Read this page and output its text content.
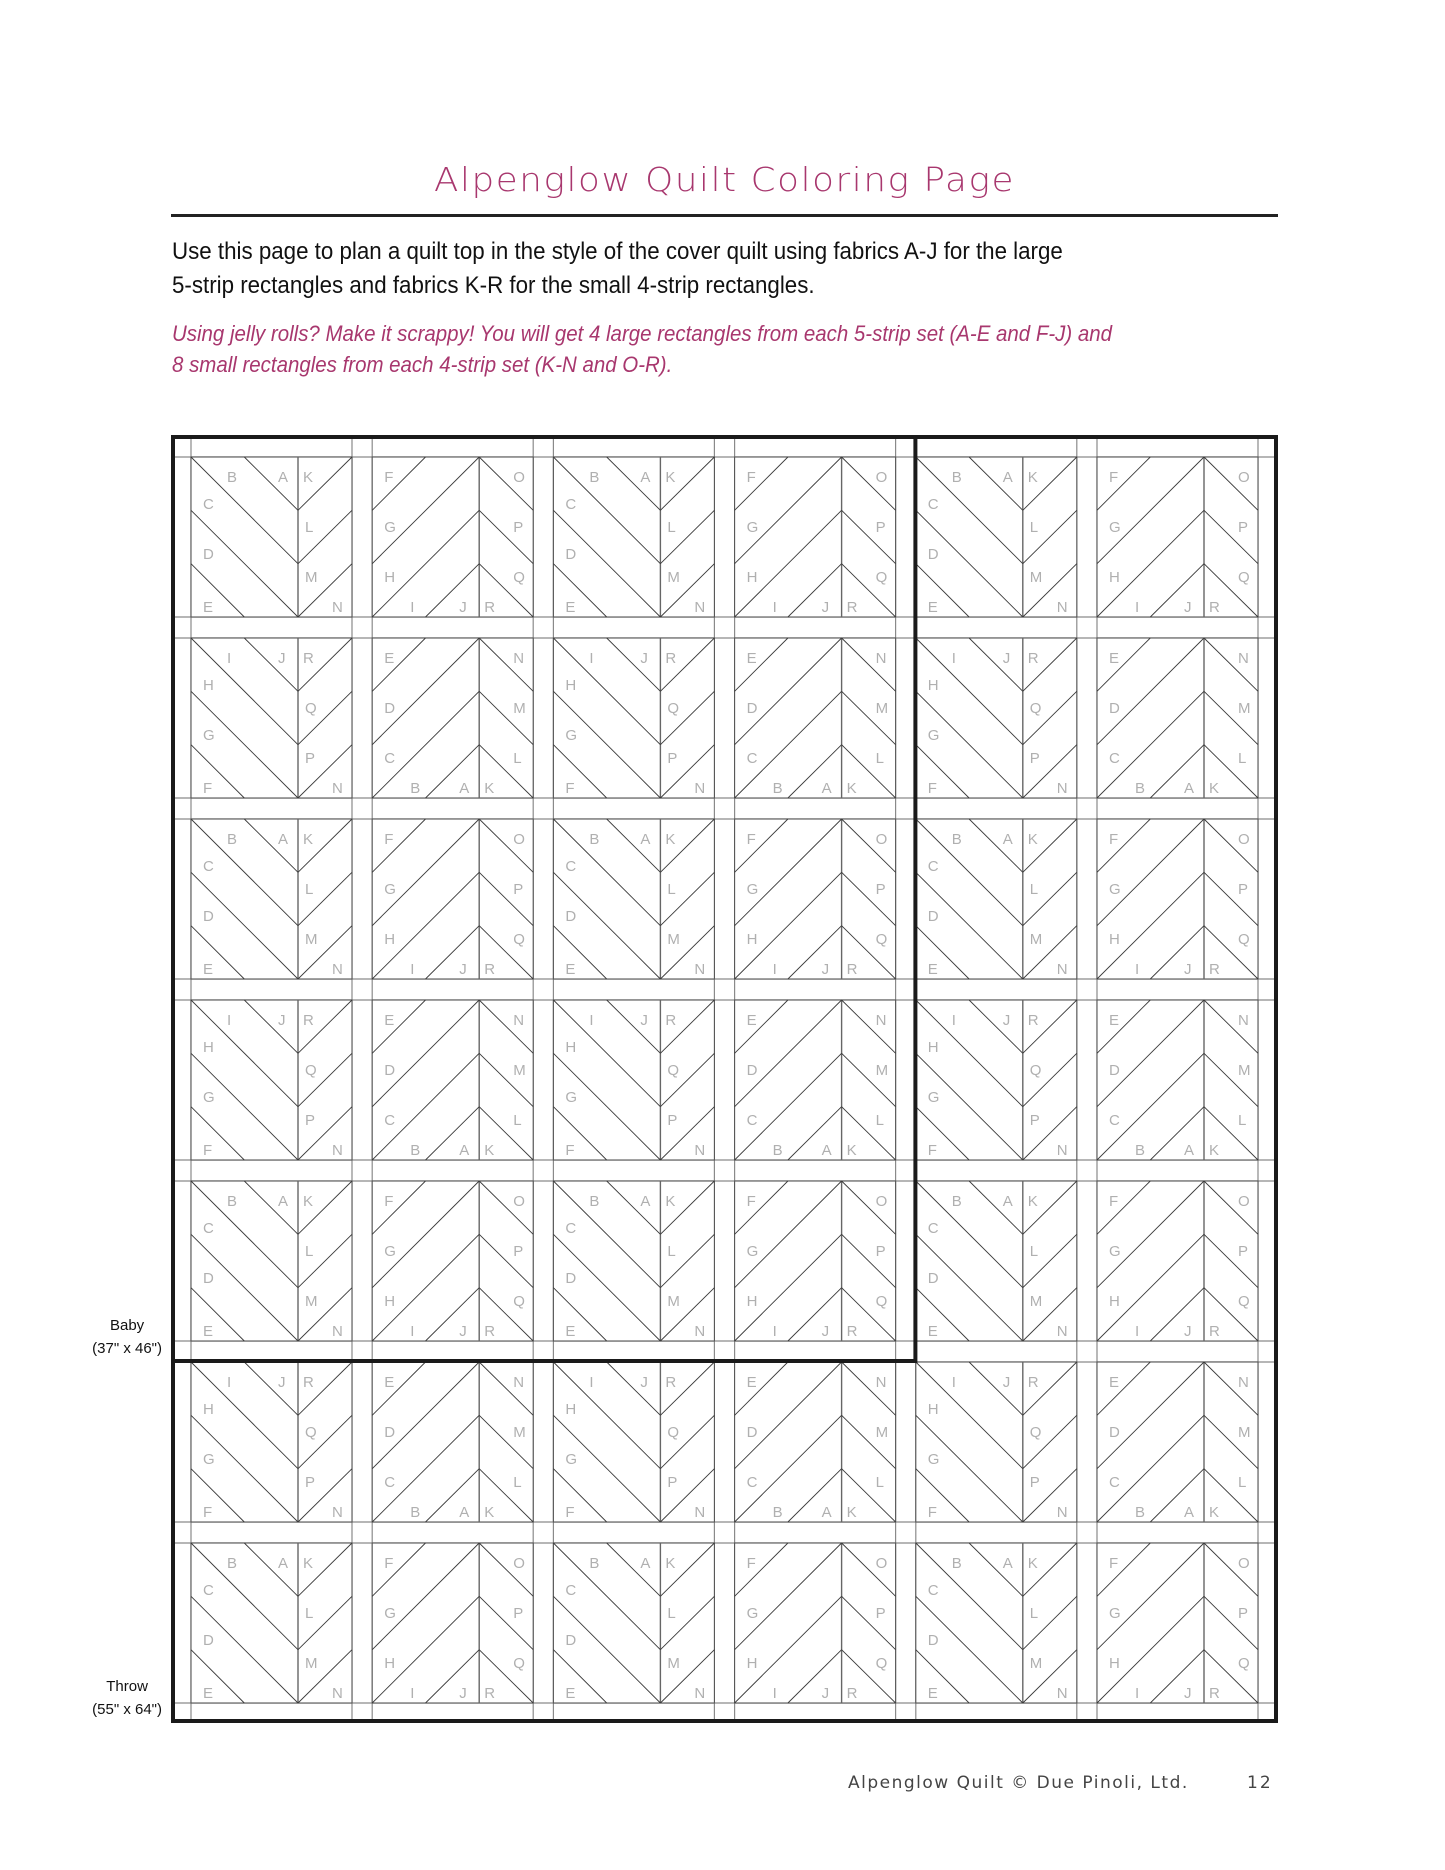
Alpenglow Quilt Coloring Page
Use this page to plan a quilt top in the style of the cover quilt using fabrics A-J for the large
5-strip rectangles and fabrics K-R for the small 4-strip rectangles.
Using jelly rolls? Make it scrappy! You will get 4 large rectangles from each 5-strip set (A-E and F-J) and
8 small rectangles from each 4-strip set (K-N and O-R).
B	A K
C
L
D
M
E	N
F	O
G	P
H	Q
I	J R
B	A K
C
L
D
M
E	N
F	O
G	P
H	Q
I	J R
B	A K
C
L
D
M
E	N
F	O
G	P
H	Q
I	J R
I	J R
H
Q
G
P
F	N
E	N
D	M
C	L
B	A K
I	J R
H
Q
G
P
F	N
E	N
D	M
C	L
B	A K
I	J R
H
Q
G
P
F	N
E	N
D	M
C	L
B	A K
B	A K
C
L
D
M
E	N
F	O
G	P
H	Q
I	J R
B	A K
C
L
D
M
E	N
F	O
G	P
H	Q
I	J R
B	A K
C
L
D
M
E	N
F	O
G	P
H	Q
I	J R
I	J R
H
Q
G
P
F	N
E	N
D	M
C	L
B	A K
I	J R
H
Q
G
P
F	N
E	N
D	M
C	L
B	A K
I	J R
H
Q
G
P
F	N
E	N
D	M
C	L
B	A K
B	A K
C
L
D
M
E	N
F	O
G	P
H	Q
I	J R
B	A K
C
L
D
M
E	N
F	O
G	P
H	Q
I	J R
B	A K
C
L
D
M
E	N
F	O
G	P
H	Q
I	J R
I	J R
H
Q
G
P
F	N
E	N
D	M
C	L
B	A K
I	J R
H
Q
G
P
F	N
E	N
D	M
C	L
B	A K
I	J R
H
Q
G
P
F	N
E	N
D	M
C	L
B	A K
B	A K
C
L
D
M
E	N
F	O
G	P
H	Q
I	J R
B	A K
C
L
D
M
E	N
F	O
G	P
H	Q
I	J R
B	A K
C
L
D
M
E	N
F	O
G	P
H	Q
I	J R
Baby
(37" x 46")
Throw
(55" x 64")
Alpenglow Quilt © Due Pinoli, Ltd.	12
